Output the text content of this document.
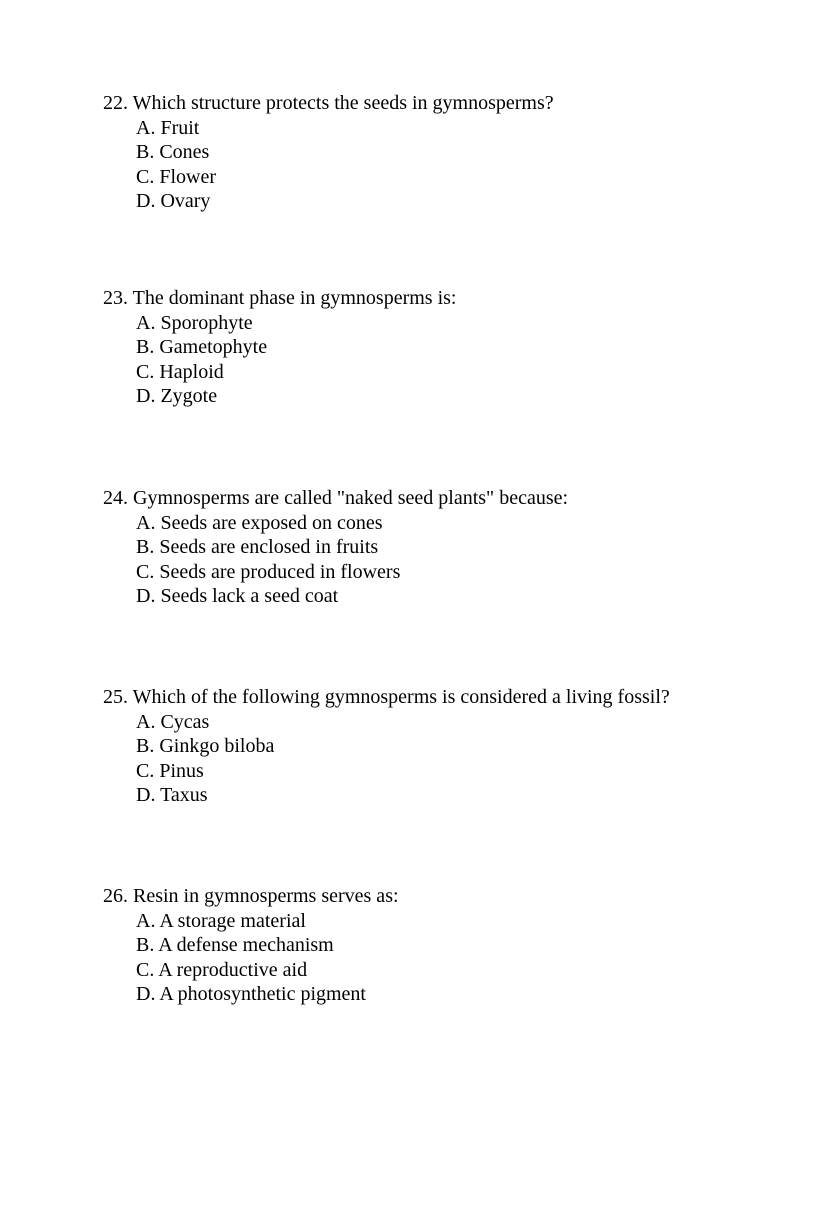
22. Which structure protects the seeds in gymnosperms?
A. Fruit
B. Cones
C. Flower
D. Ovary
23. The dominant phase in gymnosperms is:
A. Sporophyte
B. Gametophyte
C. Haploid
D. Zygote
24. Gymnosperms are called "naked seed plants" because:
A. Seeds are exposed on cones
B. Seeds are enclosed in fruits
C. Seeds are produced in flowers
D. Seeds lack a seed coat
25. Which of the following gymnosperms is considered a living fossil?
A. Cycas
B. Ginkgo biloba
C. Pinus
D. Taxus
26. Resin in gymnosperms serves as:
A. A storage material
B. A defense mechanism
C. A reproductive aid
D. A photosynthetic pigment
